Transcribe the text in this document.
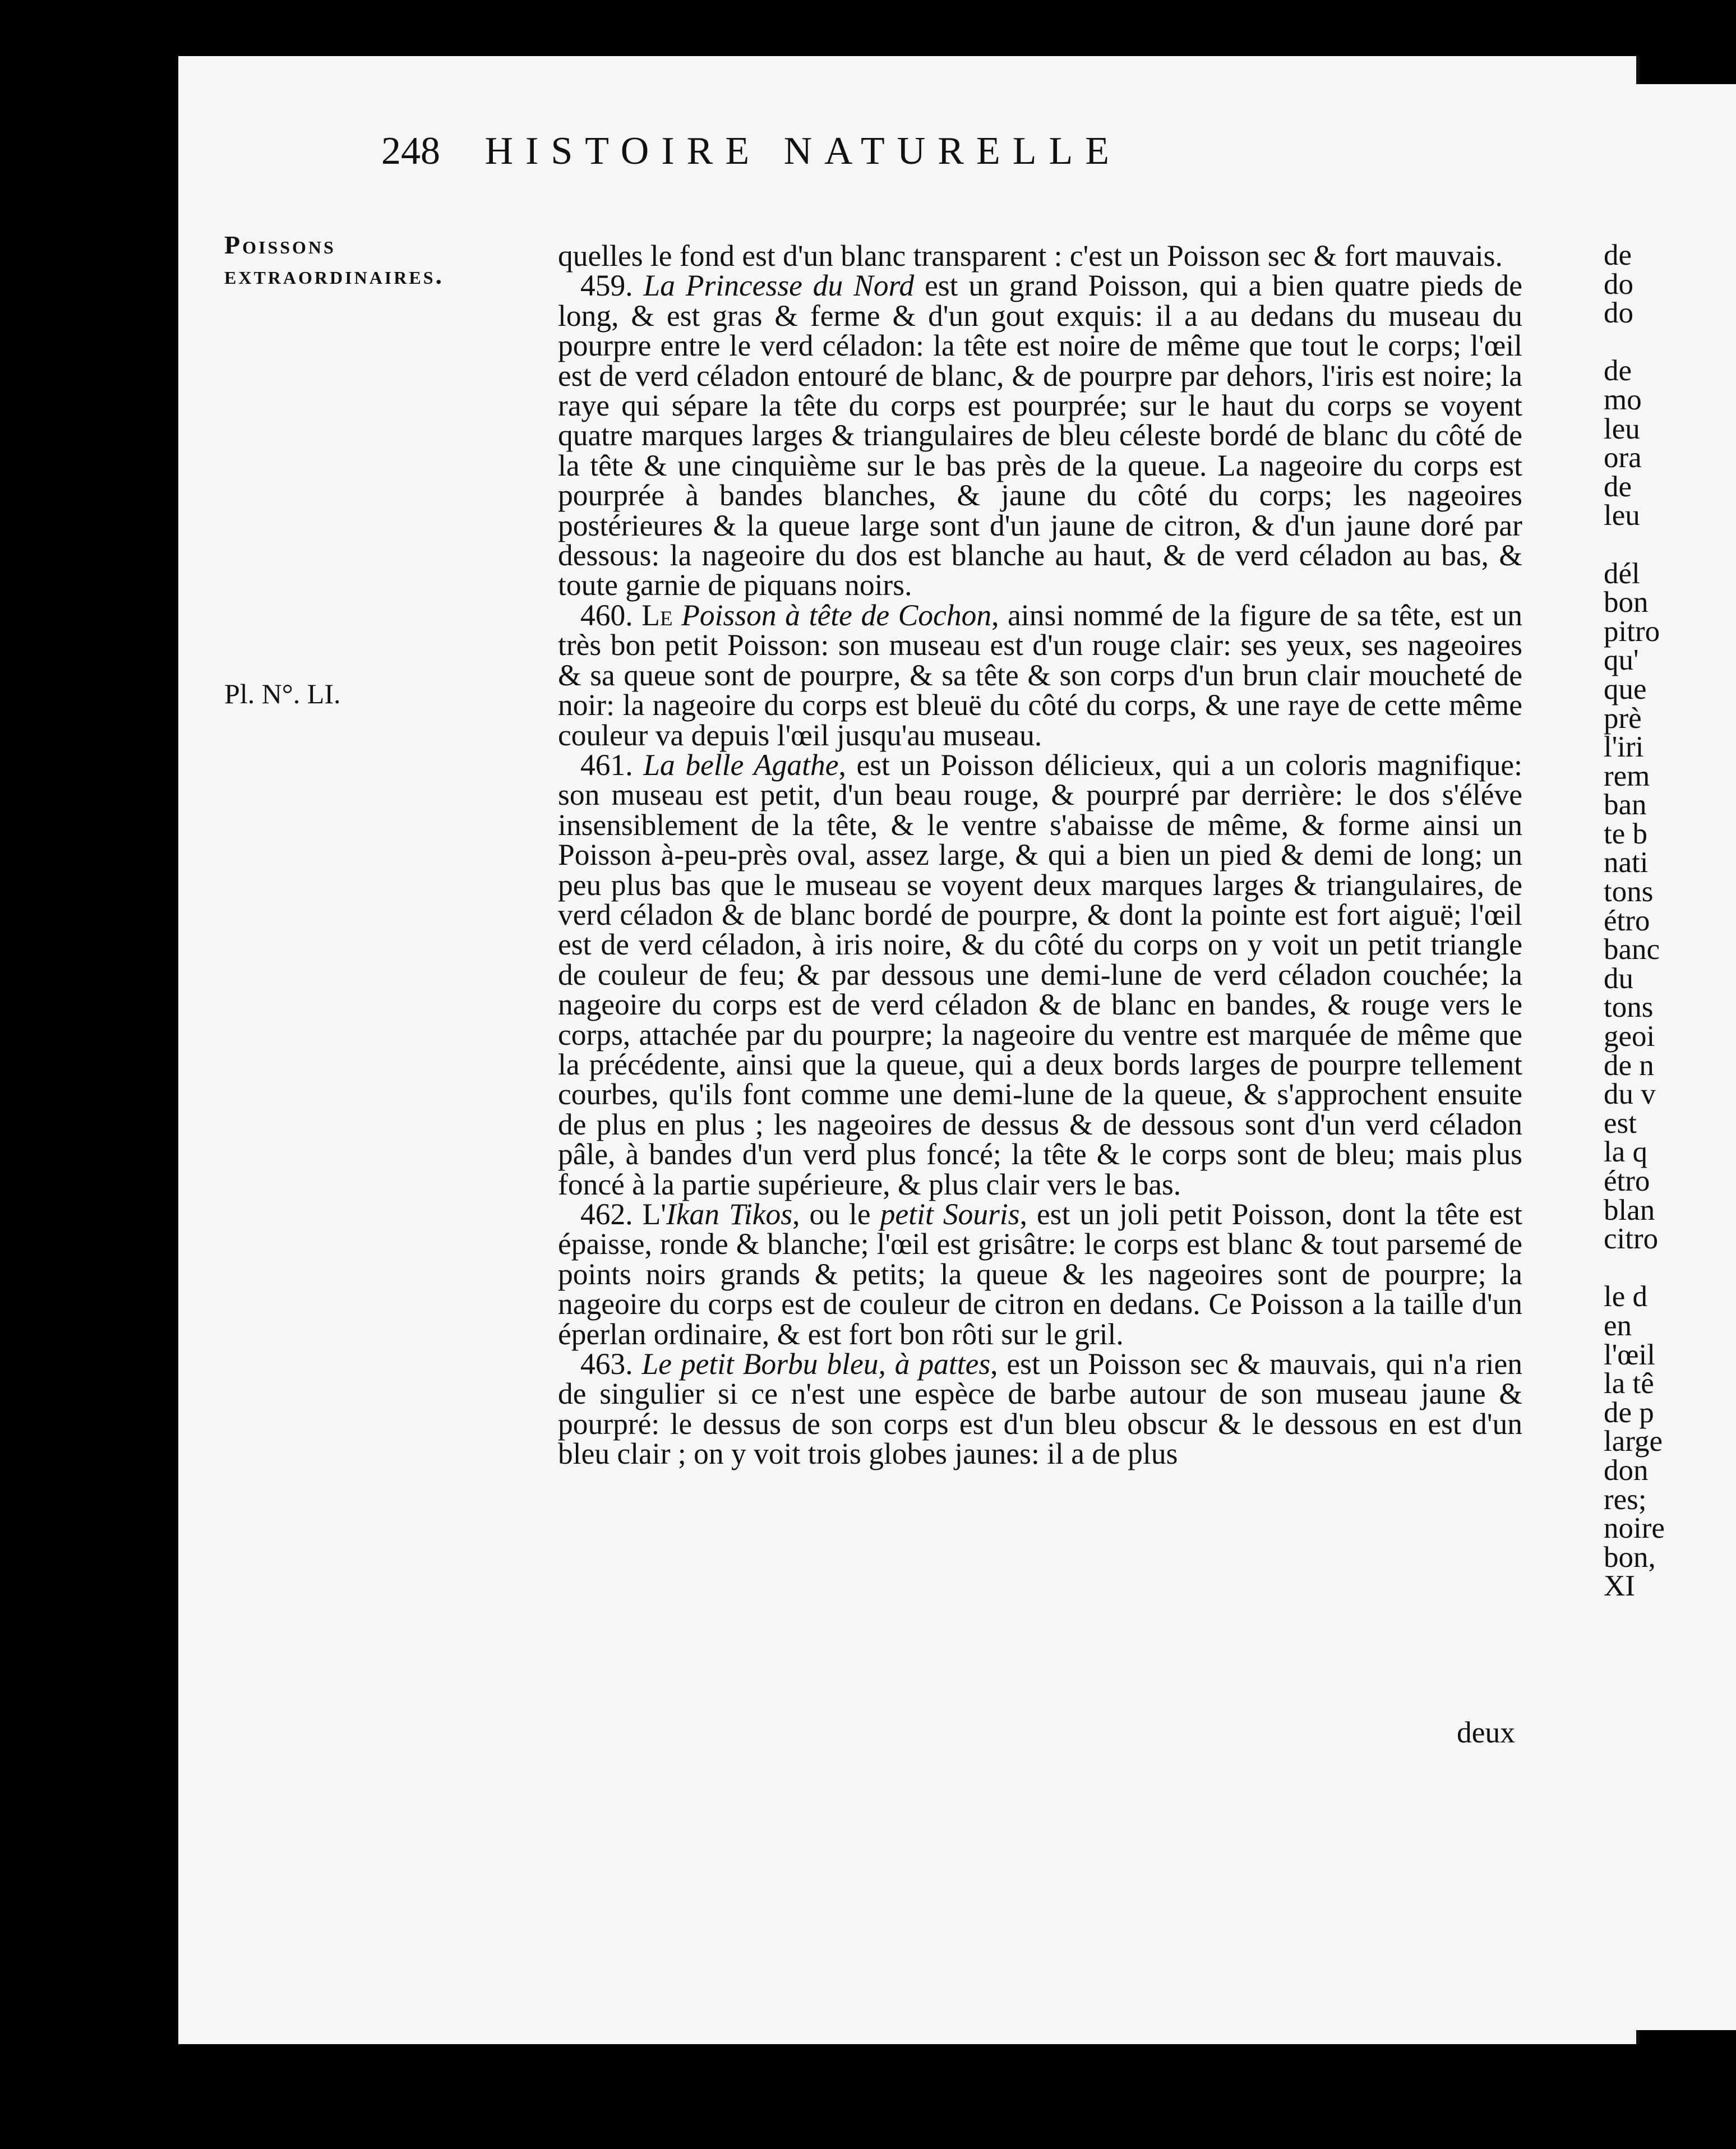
de
do
do

de
mo
leu
ora
de
leu

dél
bon
pitro
qu'
que
prè
l'iri
rem
ban
te b
nati
tons
étro
banc
du
tons
geoi
de n
du v
est
la q
étro
blan
citro

le d
en
l'œil
la tê
de p
large
don
res;
noire
bon,
XI
248 HISTOIRE NATURELLE
Poissons extraordinaires.
Pl. N°. LI.

quelles le fond est d'un blanc transparent : c'est un Poisson sec & fort mauvais.

459. La Princesse du Nord est un grand Poisson, qui a bien quatre pieds de long, & est gras & ferme & d'un gout exquis: il a au dedans du museau du pourpre entre le verd céladon: la tête est noire de même que tout le corps; l'œil est de verd céladon entouré de blanc, & de pourpre par dehors, l'iris est noire; la raye qui sépare la tête du corps est pourprée; sur le haut du corps se voyent quatre marques larges & triangulaires de bleu céleste bordé de blanc du côté de la tête & une cinquième sur le bas près de la queue. La nageoire du corps est pourprée à bandes blanches, & jaune du côté du corps; les nageoires postérieures & la queue large sont d'un jaune de citron, & d'un jaune doré par dessous: la nageoire du dos est blanche au haut, & de verd céladon au bas, & toute garnie de piquans noirs.

460. Le Poisson à tête de Cochon, ainsi nommé de la figure de sa tête, est un très bon petit Poisson: son museau est d'un rouge clair: ses yeux, ses nageoires & sa queue sont de pourpre, & sa tête & son corps d'un brun clair moucheté de noir: la nageoire du corps est bleuë du côté du corps, & une raye de cette même couleur va depuis l'œil jusqu'au museau.

461. La belle Agathe, est un Poisson délicieux, qui a un coloris magnifique: son museau est petit, d'un beau rouge, & pourpré par derrière: le dos s'éléve insensiblement de la tête, & le ventre s'abaisse de même, & forme ainsi un Poisson à-peu-près oval, assez large, & qui a bien un pied & demi de long; un peu plus bas que le museau se voyent deux marques larges & triangulaires, de verd céladon & de blanc bordé de pourpre, & dont la pointe est fort aiguë; l'œil est de verd céladon, à iris noire, & du côté du corps on y voit un petit triangle de couleur de feu; & par dessous une demi-lune de verd céladon couchée; la nageoire du corps est de verd céladon & de blanc en bandes, & rouge vers le corps, attachée par du pourpre; la nageoire du ventre est marquée de même que la précédente, ainsi que la queue, qui a deux bords larges de pourpre tellement courbes, qu'ils font comme une demi-lune de la queue, & s'approchent ensuite de plus en plus ; les nageoires de dessus & de dessous sont d'un verd céladon pâle, à bandes d'un verd plus foncé; la tête & le corps sont de bleu; mais plus foncé à la partie supérieure, & plus clair vers le bas.

462. L'Ikan Tikos, ou le petit Souris, est un joli petit Poisson, dont la tête est épaisse, ronde & blanche; l'œil est grisâtre: le corps est blanc & tout parsemé de points noirs grands & petits; la queue & les nageoires sont de pourpre; la nageoire du corps est de couleur de citron en dedans. Ce Poisson a la taille d'un éperlan ordinaire, & est fort bon rôti sur le gril.

463. Le petit Borbu bleu, à pattes, est un Poisson sec & mauvais, qui n'a rien de singulier si ce n'est une espèce de barbe autour de son museau jaune & pourpré: le dessus de son corps est d'un bleu obscur & le dessous en est d'un bleu clair ; on y voit trois globes jaunes: il a de plus

deux
